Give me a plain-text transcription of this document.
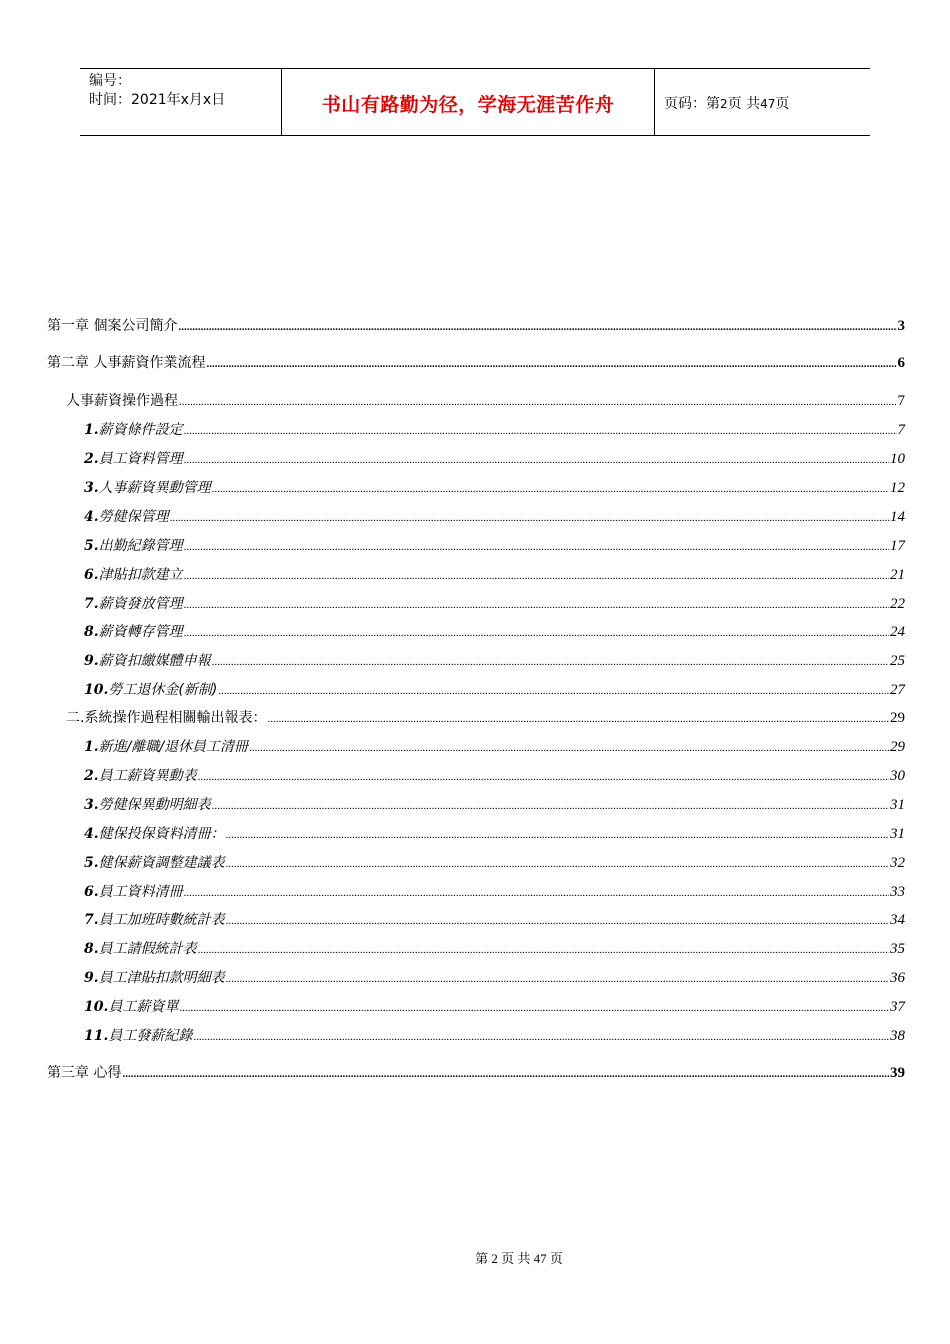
编号：
时间：2021年x月x日	书山有路勤为径，学海无涯苦作舟	页码：第2页 共47页
第一章 個案公司簡介 .....	3
第二章 人事薪資作業流程 .....	6
人事薪資操作過程 .....	7
1.薪資條件設定 .....	7
2.員工資料管理 .....	10
3.人事薪資異動管理 .....	12
4.勞健保管理 .....	14
5.出勤紀錄管理 .....	17
6.津貼扣款建立 .....	21
7.薪資發放管理 .....	22
8.薪資轉存管理 .....	24
9.薪資扣繳媒體申報 .....	25
10.勞工退休金(新制) .....	27
二.系統操作過程相關輸出報表： .....	29
1.新進/離職/退休員工清冊 .....	29
2.員工薪資異動表 .....	30
3.勞健保異動明細表 .....	31
4.健保投保資料清冊： .....	31
5.健保薪資調整建議表 .....	32
6.員工資料清冊 .....	33
7.員工加班時數統計表 .....	34
8.員工請假統計表 .....	35
9.員工津貼扣款明細表 .....	36
10.員工薪資單 .....	37
11.員工發薪紀錄 .....	38
第三章 心得 .....	39
第 2 页 共 47 页
